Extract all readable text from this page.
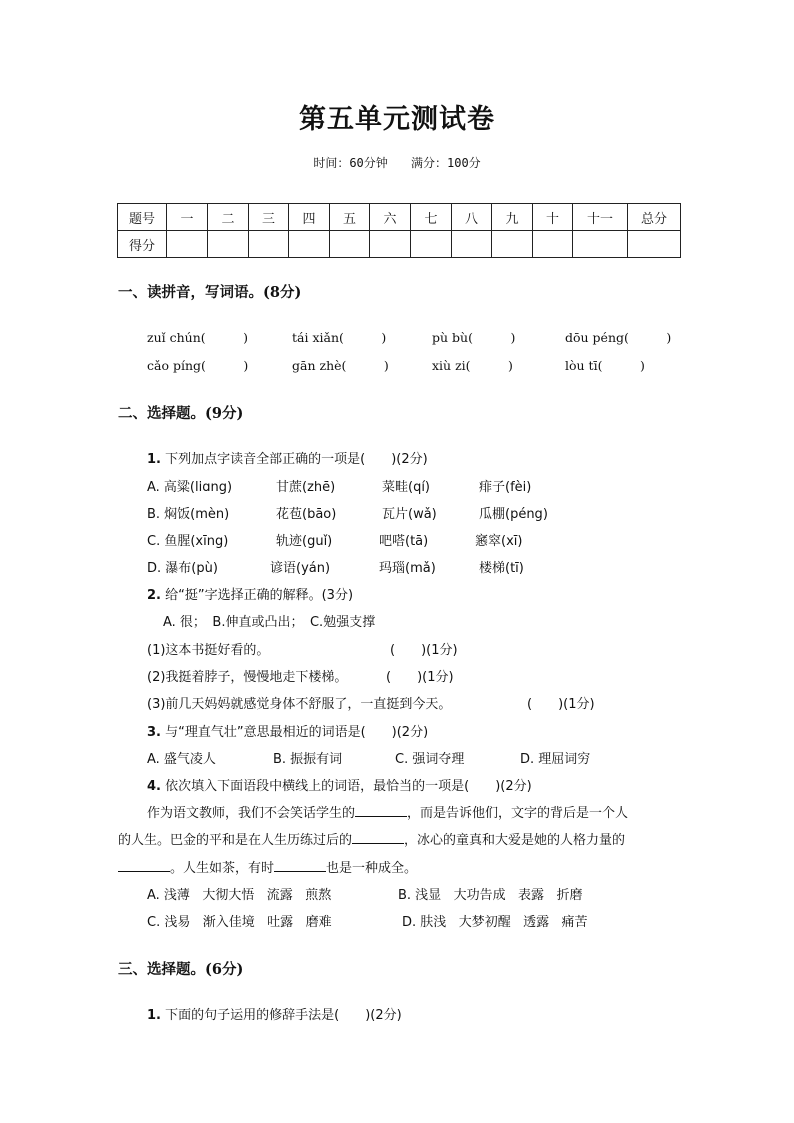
第五单元测试卷
时间：60分钟 满分：100分
题号	一	二	三	四	五	六	七	八	九	十	十一	总分
得分												
一、读拼音，写词语。(8分)
zuǐ chún(　　　)	tái xiǎn(　　　)	pù bù(　　　)	dōu péng(　　　)
cǎo píng(　　　)	gān zhè(　　　)	xiù zi(　　　)	lòu tī(　　　)
二、选择题。(9分)
1. 下列加点字读音全部正确的一项是(　　)(2分)
A. 高粱(liɑng)	甘蔗(zhē)	菜畦(qí)	痱子(fèi)
B. 焖饭(mèn)	花苞(bāo)	瓦片(wǎ)	瓜棚(péng)
C. 鱼腥(xīng)	轨迹(guǐ)	吧嗒(tā)	窸窣(xī)
D. 瀑布(pù)	谚语(yán)	玛瑙(mǎ)	楼梯(tī)
2. 给“挺”字选择正确的解释。(3分)
A. 很；　B.伸直或凸出；　C.勉强支撑
(1)这本书挺好看的。	(　　)(1分)
(2)我挺着脖子，慢慢地走下楼梯。	(　　)(1分)
(3)前几天妈妈就感觉身体不舒服了，一直挺到今天。	(　　)(1分)
3. 与“理直气壮”意思最相近的词语是(　　)(2分)
A. 盛气凌人	B. 振振有词	C. 强词夺理	D. 理屈词穷
4. 依次填入下面语段中横线上的词语，最恰当的一项是(　　)(2分)
作为语文教师，我们不会笑话学生的	，而是告诉他们，文字的背后是一个人
的人生。巴金的平和是在人生历练过后的	，冰心的童真和大爱是她的人格力量的
。人生如茶，有时	也是一种成全。
A. 浅薄 大彻大悟 流露 煎熬	B. 浅显 大功告成 表露 折磨
C. 浅易 渐入佳境 吐露 磨难	D. 肤浅 大梦初醒 透露 痛苦
三、选择题。(6分)
1. 下面的句子运用的修辞手法是(　　)(2分)
